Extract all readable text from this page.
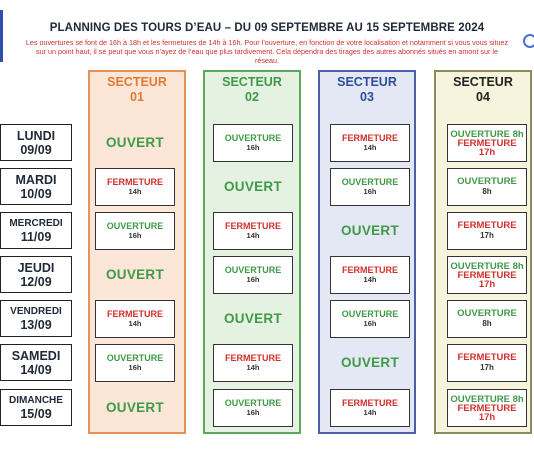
PLANNING DES TOURS D’EAU – DU 09 SEPTEMBRE AU 15 SEPTEMBRE 2024
Les ouvertures se font de 16h à 18h et les fermetures de 14h à 16h. Pour l’ouverture, en fonction de votre localisation et notamment si vous vous situez sur un point haut, il se peut que vous n’ayez de l’eau que plus tardivement. Cela dépendra des tirages des autres abonnés situés en amont sur le réseau.
SECTEUR
01
SECTEUR
02
SECTEUR
03
SECTEUR
04
LUNDI
09/09
MARDI
10/09
MERCREDI
11/09
JEUDI
12/09
VENDREDI
13/09
SAMEDI
14/09
DIMANCHE
15/09
OUVERT
FERMETURE
14h
OUVERTURE
16h
OUVERT
FERMETURE
14h
OUVERTURE
16h
OUVERT
OUVERTURE
16h
OUVERT
FERMETURE
14h
OUVERTURE
16h
OUVERT
FERMETURE
14h
OUVERTURE
16h
FERMETURE
14h
OUVERTURE
16h
OUVERT
FERMETURE
14h
OUVERTURE
16h
OUVERT
FERMETURE
14h
OUVERTURE 8h
FERMETURE 17h
OUVERTURE
8h
FERMETURE
17h
OUVERTURE 8h
FERMETURE 17h
OUVERTURE
8h
FERMETURE
17h
OUVERTURE 8h
FERMETURE 17h
